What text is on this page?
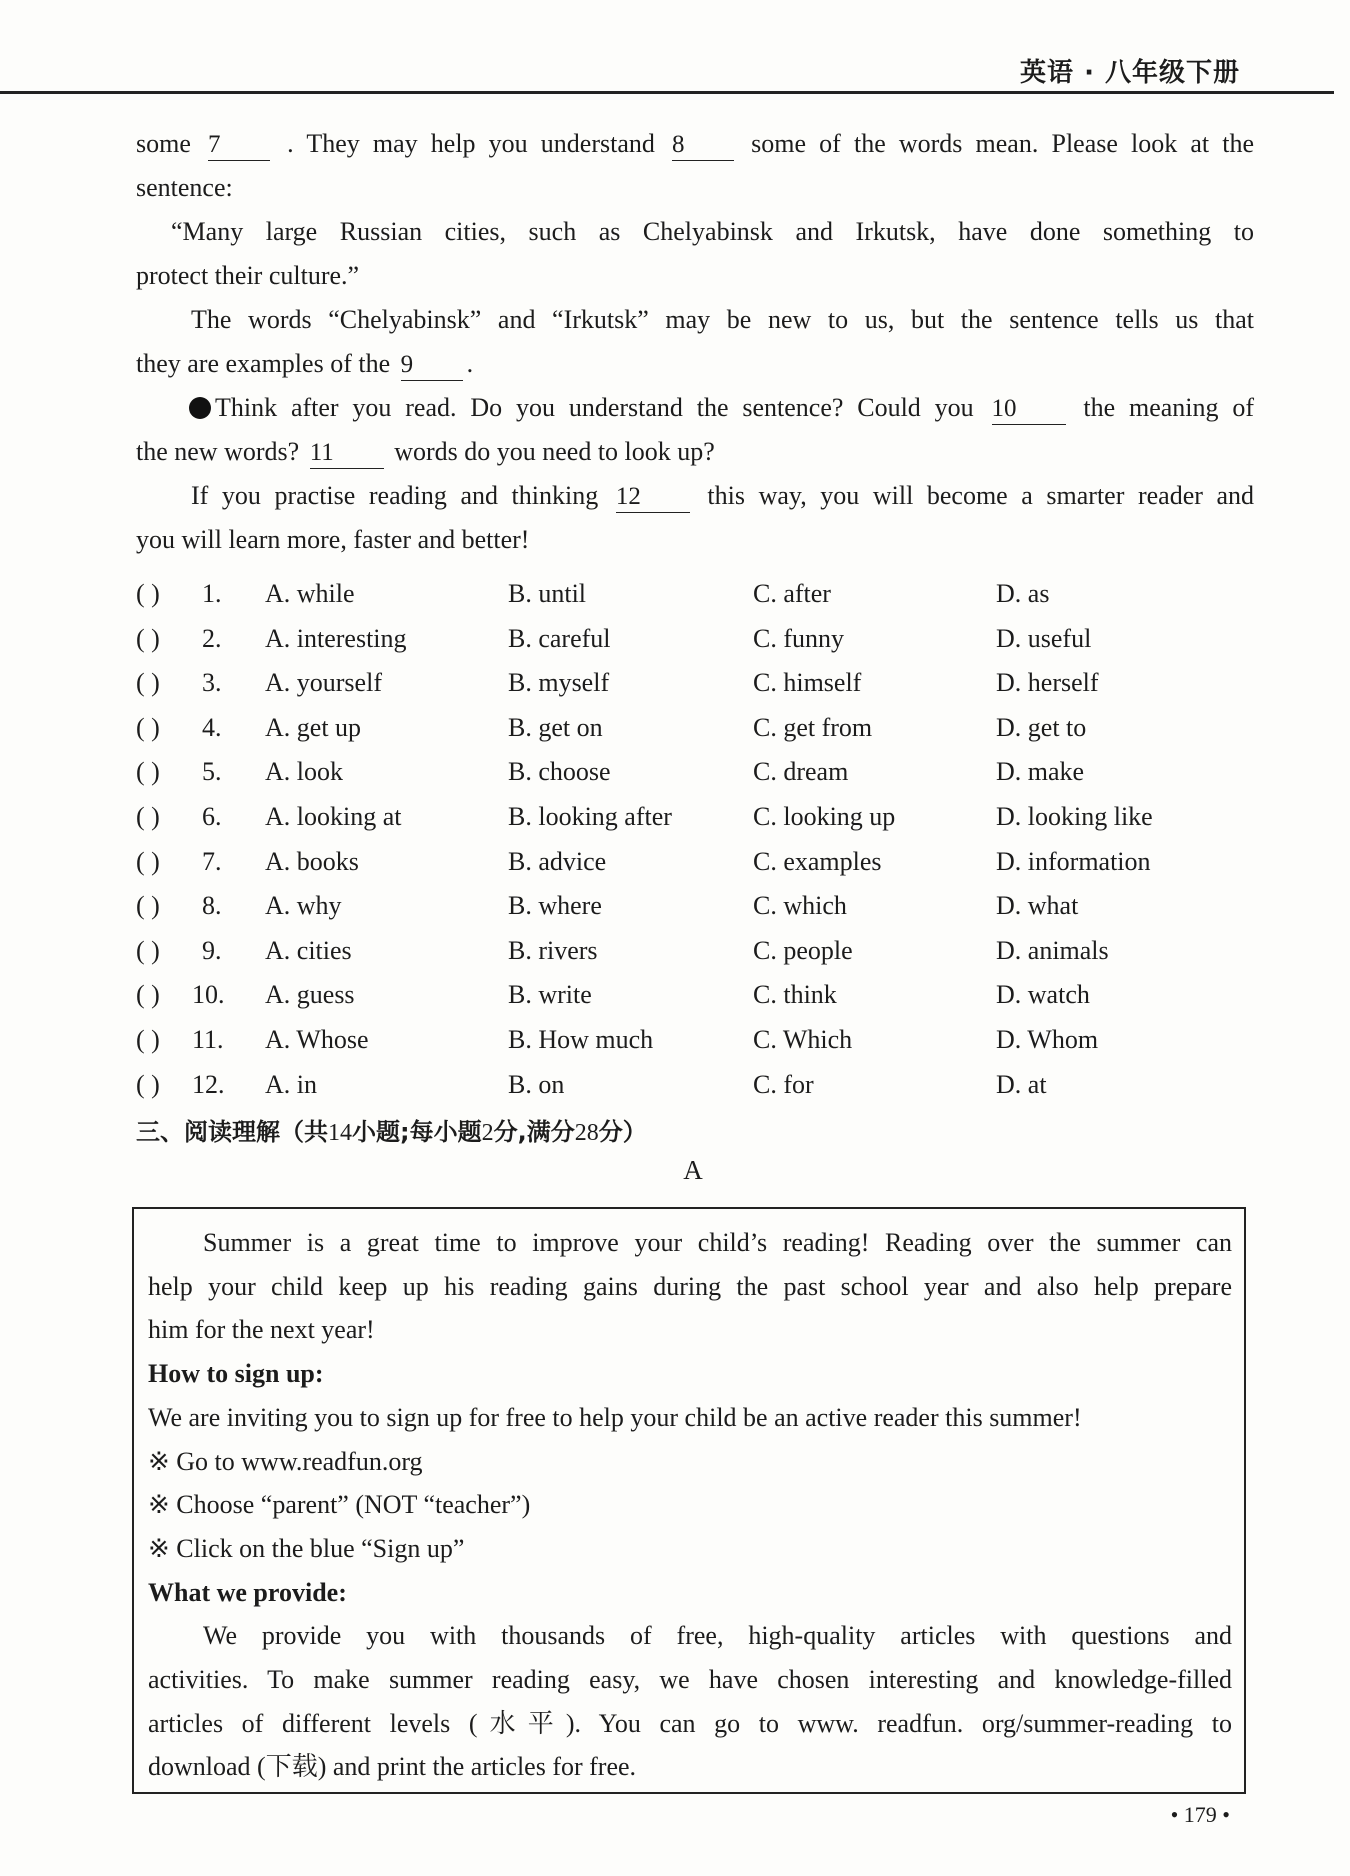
英语 · 八年级下册
some 7	. They may help you understand 8	some of the words mean. Please look at the
sentence:
“Many large Russian cities, such as Chelyabinsk and Irkutsk, have done something to
protect their culture.”
The words “Chelyabinsk” and “Irkutsk” may be new to us, but the sentence tells us that
they are examples of the 9 .
Think after you read. Do you understand the sentence? Could you 10	the meaning of
the new words? 11 words do you need to look up?
If you practise reading and thinking 12	this way, you will become a smarter reader and
you will learn more, faster and better!
( ) 1. A. while	B. until	C. after	D. as
( ) 2. A. interesting	B. careful	C. funny	D. useful
( ) 3. A. yourself	B. myself	C. himself	D. herself
( ) 4. A. get up	B. get on	C. get from	D. get to
( ) 5. A. look	B. choose	C. dream	D. make
( ) 6. A. looking at	B. looking after	C. looking up	D. looking like
( ) 7. A. books	B. advice	C. examples	D. information
( ) 8. A. why	B. where	C. which	D. what
( ) 9. A. cities	B. rivers	C. people	D. animals
( ) 10. A. guess	B. write	C. think	D. watch
( ) 11. A. Whose	B. How much	C. Which	D. Whom
( ) 12. A. in	B. on	C. for	D. at
三、阅读理解（共14小题;每小题2分,满分28分）
A
Summer is a great time to improve your child’s reading! Reading over the summer can
help your child keep up his reading gains during the past school year and also help prepare
him for the next year!
How to sign up:
We are inviting you to sign up for free to help your child be an active reader this summer!
※ Go to www.readfun.org
※ Choose “parent” (NOT “teacher”)
※ Click on the blue “Sign up”
What we provide:
We provide you with thousands of free, high-quality articles with questions and
activities. To make summer reading easy, we have chosen interesting and knowledge-filled
articles of different levels (水平). You can go to www. readfun. org/summer-reading to
download (下载) and print the articles for free.
• 179 •
